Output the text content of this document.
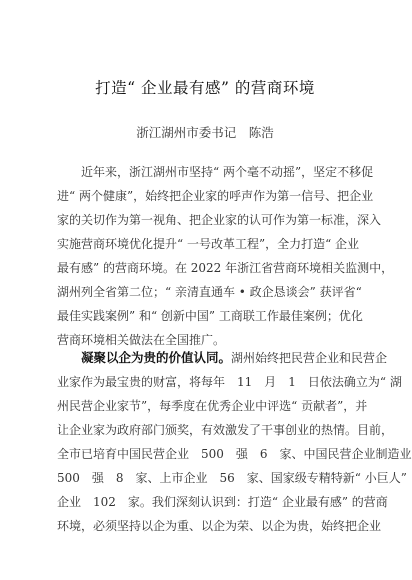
打造“ 企业最有感” 的营商环境
浙江湖州市委书记　陈浩
　　近年来，浙江湖州市坚持“ 两个毫不动摇”，坚定不移促
进“ 两个健康”，始终把企业家的呼声作为第一信号、把企业
家的关切作为第一视角、把企业家的认可作为第一标准，深入
实施营商环境优化提升“ 一号改革工程”，全力打造“ 企业
最有感” 的营商环境。在 2022 年浙江省营商环境相关监测中，
湖州列全省第二位；“ 亲清直通车 • 政企恳谈会” 获评省“
最佳实践案例” 和“ 创新中国” 工商联工作最佳案例；优化
营商环境相关做法在全国推广。
　　凝聚以企为贵的价值认同。湖州始终把民营企业和民营企
业家作为最宝贵的财富，将每年　11　月　1　日依法确立为“ 湖
州民营企业家节”，每季度在优秀企业中评选“ 贡献者”，并
让企业家为政府部门颁奖，有效激发了干事创业的热情。目前，
全市已培育中国民营企业　500　强　6　家、中国民营企业制造业
500　强　8　家、上市企业　56　家、国家级专精特新“ 小巨人”
企业　102　家。我们深刻认识到：打造“ 企业最有感” 的营商
环境，必须坚持以企为重、以企为荣、以企为贵，始终把企业
